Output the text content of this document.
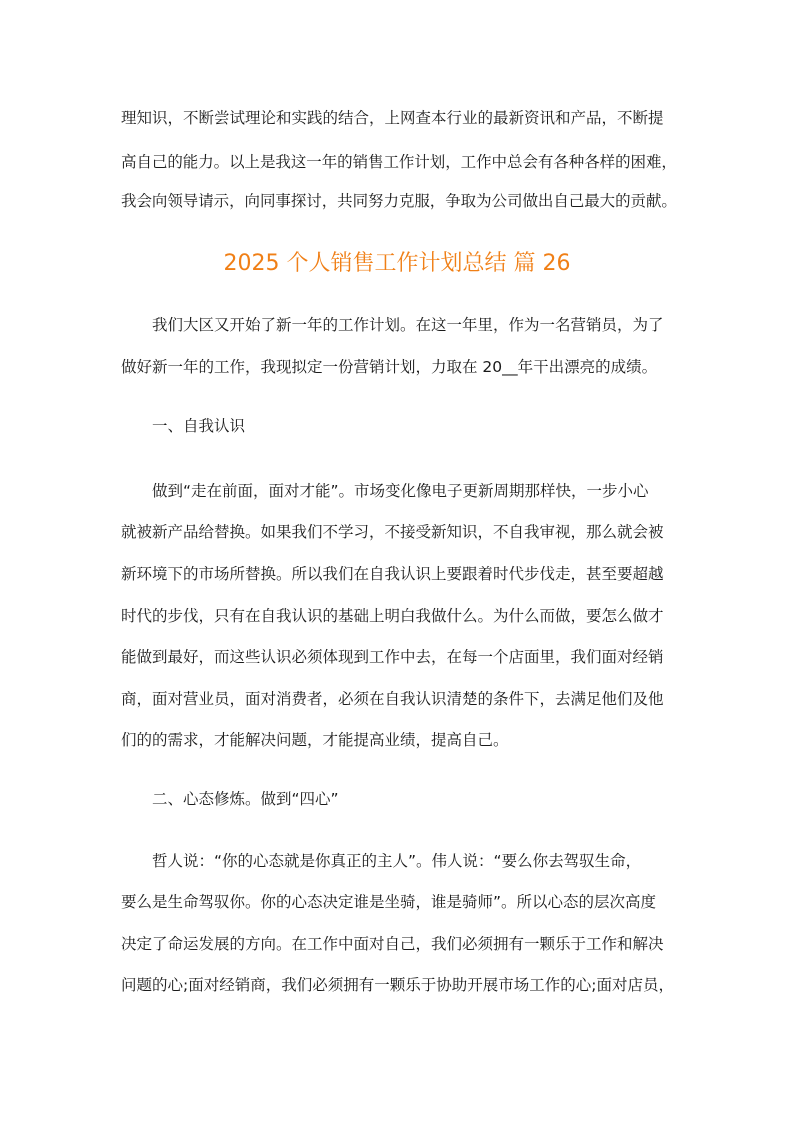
理知识，不断尝试理论和实践的结合，上网查本行业的最新资讯和产品，不断提
高自己的能力。以上是我这一年的销售工作计划，工作中总会有各种各样的困难，
我会向领导请示，向同事探讨，共同努力克服，争取为公司做出自己最大的贡献。
2025 个人销售工作计划总结 篇 26
我们大区又开始了新一年的工作计划。在这一年里，作为一名营销员，为了
做好新一年的工作，我现拟定一份营销计划，力取在 20__年干出漂亮的成绩。
一、自我认识
做到“走在前面，面对才能”。市场变化像电子更新周期那样快，一步小心
就被新产品给替换。如果我们不学习，不接受新知识，不自我审视，那么就会被
新环境下的市场所替换。所以我们在自我认识上要跟着时代步伐走，甚至要超越
时代的步伐，只有在自我认识的基础上明白我做什么。为什么而做，要怎么做才
能做到最好，而这些认识必须体现到工作中去，在每一个店面里，我们面对经销
商，面对营业员，面对消费者，必须在自我认识清楚的条件下，去满足他们及他
们的的需求，才能解决问题，才能提高业绩，提高自己。
二、心态修炼。做到“四心”
哲人说：“你的心态就是你真正的主人”。伟人说：“要么你去驾驭生命，
要么是生命驾驭你。你的心态决定谁是坐骑，谁是骑师”。所以心态的层次高度
决定了命运发展的方向。在工作中面对自己，我们必须拥有一颗乐于工作和解决
问题的心;面对经销商，我们必须拥有一颗乐于协助开展市场工作的心;面对店员，
